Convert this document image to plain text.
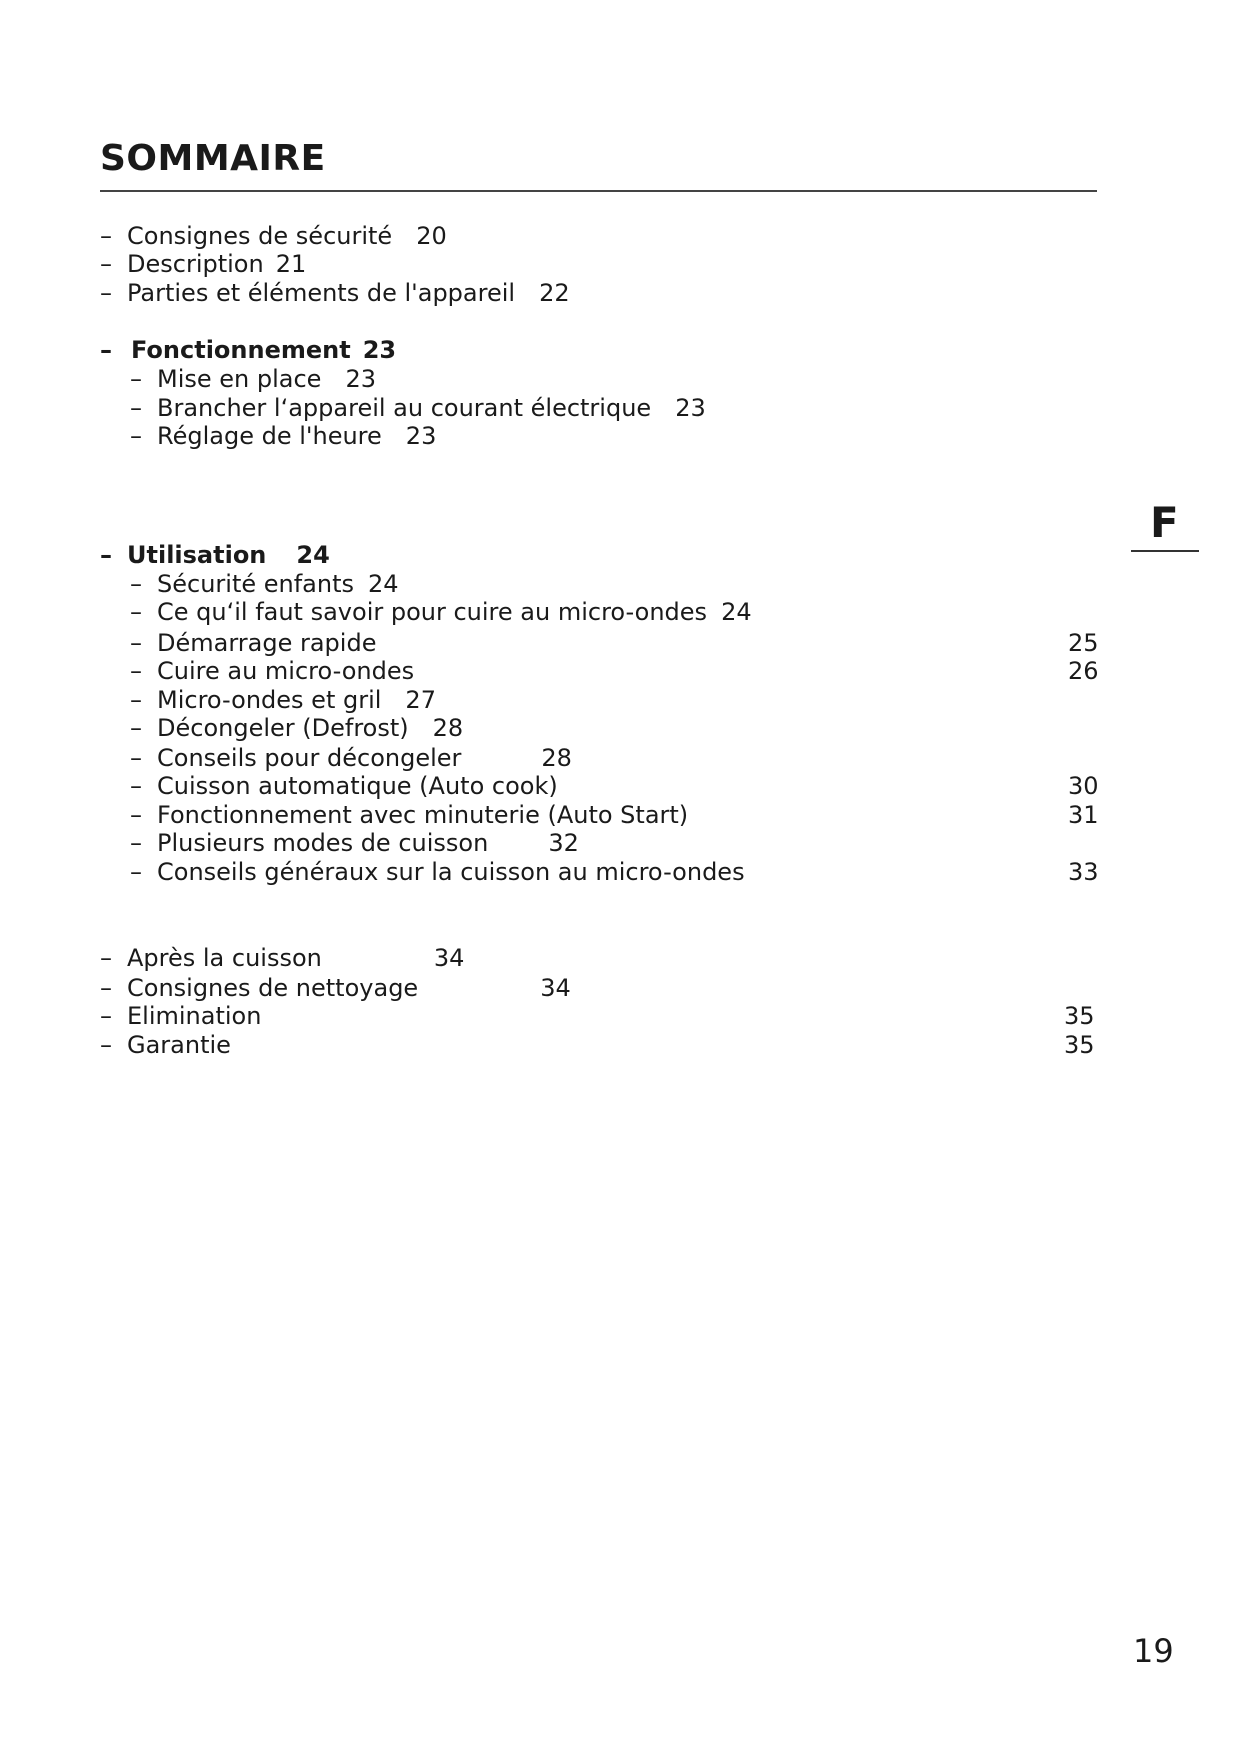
SOMMAIRE
– Consignes de sécurité 20
– Description 21
– Parties et éléments de l'appareil 22
– Fonctionnement 23
– Mise en place 23
– Brancher l‘appareil au courant électrique 23
– Réglage de l'heure 23
F
– Utilisation 24
– Sécurité enfants 24
– Ce qu‘il faut savoir pour cuire au micro-ondes 24
– Démarrage rapide	25
– Cuire au micro-ondes	26
– Micro-ondes et gril 27
– Décongeler (Defrost) 28
– Conseils pour décongeler	28
– Cuisson automatique (Auto cook)	30
– Fonctionnement avec minuterie (Auto Start)	31
– Plusieurs modes de cuisson	32
– Conseils généraux sur la cuisson au micro-ondes	33
– Après la cuisson	34
– Consignes de nettoyage	34
– Elimination	35
– Garantie	35
19
